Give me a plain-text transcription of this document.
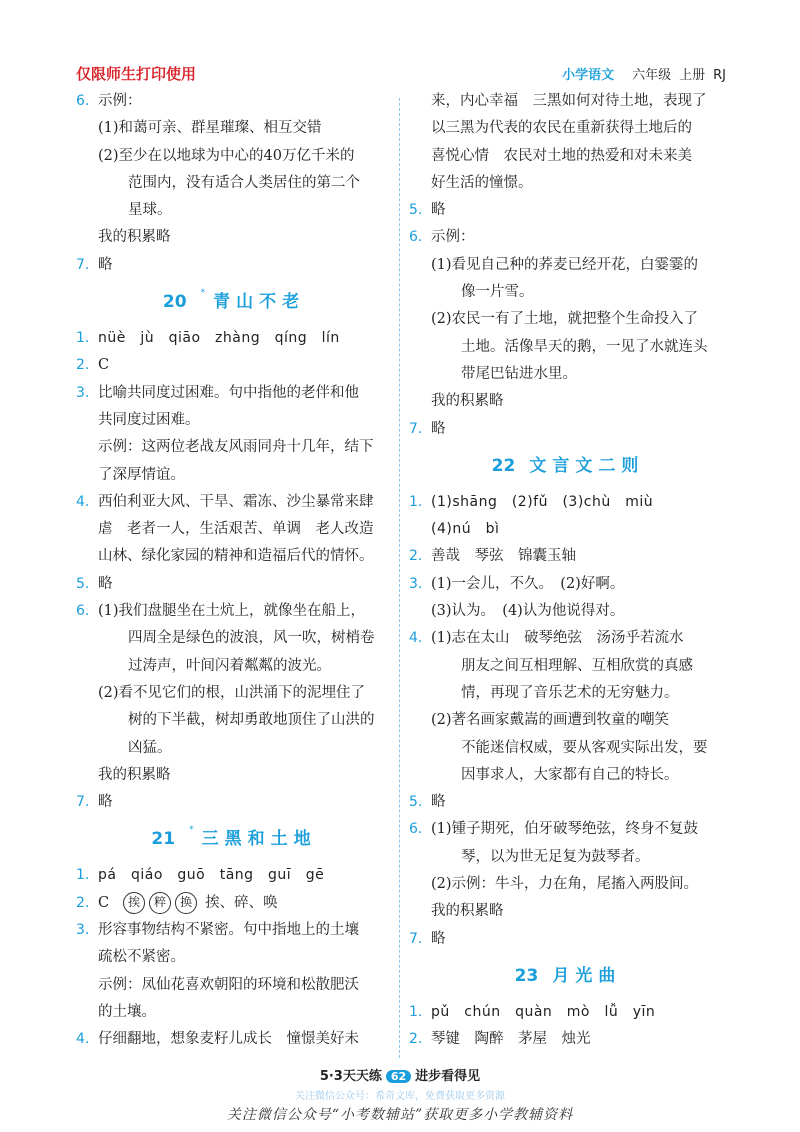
仅限师生打印使用	小学语文 六年级 上册 RJ
6. 示例：
(1)和蔼可亲、群星璀璨、相互交错
(2)至少在以地球为中心的40万亿千米的
范围内，没有适合人类居住的第二个
星球。
我的积累略
7. 略
20 * 青山不老
1. nüè　jù　qiāo　zhàng　qíng　lín
2. C
3. 比喻共同度过困难。句中指他的老伴和他
共同度过困难。
示例：这两位老战友风雨同舟十几年，结下
了深厚情谊。
4. 西伯利亚大风、干旱、霜冻、沙尘暴常来肆
虐　老者一人，生活艰苦、单调　老人改造
山林、绿化家园的精神和造福后代的情怀。
5. 略
6. (1)我们盘腿坐在土炕上，就像坐在船上，
四周全是绿色的波浪，风一吹，树梢卷
过涛声，叶间闪着粼粼的波光。
(2)看不见它们的根，山洪涌下的泥埋住了
树的下半截，树却勇敢地顶住了山洪的
凶猛。
我的积累略
7. 略
21 * 三黑和土地
1. pá　qiáo　guō　tāng　guī　gē
2. C 挨 粹 换 挨、碎、唤
3. 形容事物结构不紧密。句中指地上的土壤
疏松不紧密。
示例：凤仙花喜欢朝阳的环境和松散肥沃
的土壤。
4. 仔细翻地，想象麦籽儿成长　憧憬美好未
来，内心幸福　三黑如何对待土地，表现了
以三黑为代表的农民在重新获得土地后的
喜悦心情　农民对土地的热爱和对未来美
好生活的憧憬。
5. 略
6. 示例：
(1)看见自己种的荞麦已经开花，白霎霎的
像一片雪。
(2)农民一有了土地，就把整个生命投入了
土地。活像旱天的鹅，一见了水就连头
带尾巴钻进水里。
我的积累略
7. 略
22 文言文二则
1. (1)shāng　(2)fǔ　(3)chù　miù
(4)nú　bì
2. 善哉　琴弦　锦囊玉轴
3. (1)一会儿，不久。　(2)好啊。
(3)认为。　(4)认为他说得对。
4. (1)志在太山　破琴绝弦　汤汤乎若流水
朋友之间互相理解、互相欣赏的真感
情，再现了音乐艺术的无穷魅力。
(2)著名画家戴嵩的画遭到牧童的嘲笑
不能迷信权威，要从客观实际出发，要
因事求人，大家都有自己的特长。
5. 略
6. (1)锺子期死，伯牙破琴绝弦，终身不复鼓
琴，以为世无足复为鼓琴者。
(2)示例：牛斗，力在角，尾搐入两股间。
我的积累略
7. 略
23 月光曲
1. pǔ　chún　quàn　mò　lǚ　yīn
2. 琴键　陶醉　茅屋　烛光
5·3天天练 62 进步看得见
关注微信公众号：希奇文库，免费获取更多资源
关注微信公众号“小考数辅站”获取更多小学教辅资料
